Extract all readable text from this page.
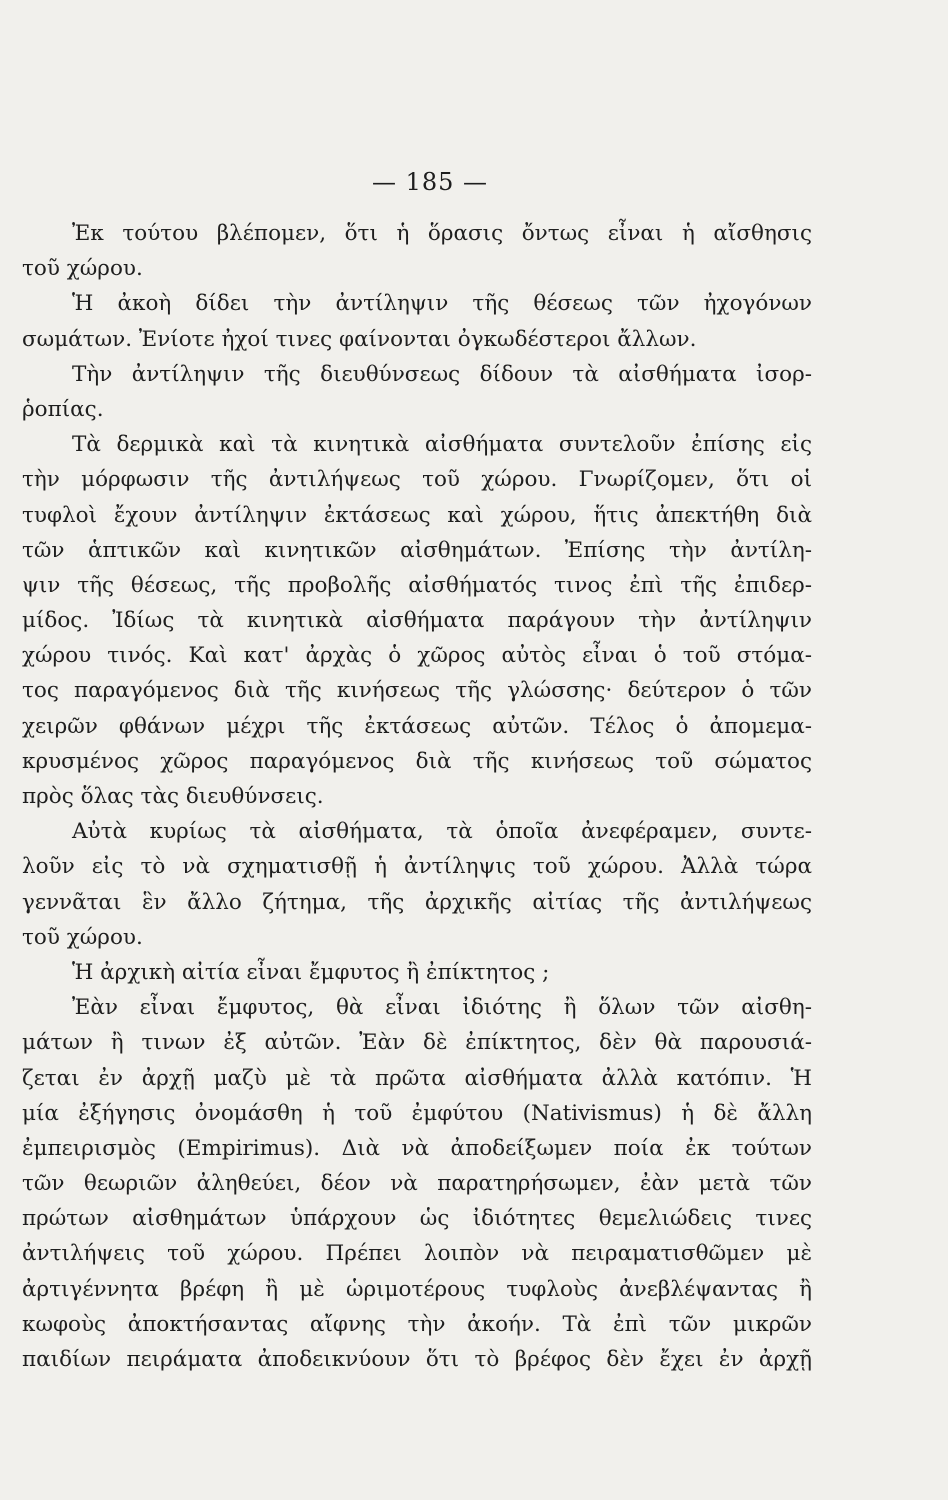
— 185 —
Ἐκ τούτου βλέπομεν, ὅτι ἡ ὅρασις ὄντως εἶναι ἡ αἴσθησις
τοῦ χώρου.
Ἡ ἀκοὴ δίδει τὴν ἀντίληψιν τῆς θέσεως τῶν ἠχογόνων
σωμάτων. Ἐνίοτε ἠχοί τινες φαίνονται ὀγκωδέστεροι ἄλλων.
Τὴν ἀντίληψιν τῆς διευθύνσεως δίδουν τὰ αἰσθήματα ἰσορ-
ῥοπίας.
Τὰ δερμικὰ καὶ τὰ κινητικὰ αἰσθήματα συντελοῦν ἐπίσης εἰς
τὴν μόρφωσιν τῆς ἀντιλήψεως τοῦ χώρου. Γνωρίζομεν, ὅτι οἱ
τυφλοὶ ἔχουν ἀντίληψιν ἐκτάσεως καὶ χώρου, ἥτις ἀπεκτήθη διὰ
τῶν ἁπτικῶν καὶ κινητικῶν αἰσθημάτων. Ἐπίσης τὴν ἀντίλη-
ψιν τῆς θέσεως, τῆς προβολῆς αἰσθήματός τινος ἐπὶ τῆς ἐπιδερ-
μίδος. Ἰδίως τὰ κινητικὰ αἰσθήματα παράγουν τὴν ἀντίληψιν
χώρου τινός. Καὶ κατ' ἀρχὰς ὁ χῶρος αὐτὸς εἶναι ὁ τοῦ στόμα-
τος παραγόμενος διὰ τῆς κινήσεως τῆς γλώσσης· δεύτερον ὁ τῶν
χειρῶν φθάνων μέχρι τῆς ἐκτάσεως αὐτῶν. Τέλος ὁ ἀπομεμα-
κρυσμένος χῶρος παραγόμενος διὰ τῆς κινήσεως τοῦ σώματος
πρὸς ὅλας τὰς διευθύνσεις.
Αὐτὰ κυρίως τὰ αἰσθήματα, τὰ ὁποῖα ἀνεφέραμεν, συντε-
λοῦν εἰς τὸ νὰ σχηματισθῇ ἡ ἀντίληψις τοῦ χώρου. Ἀλλὰ τώρα
γεννᾶται ἓν ἄλλο ζήτημα, τῆς ἀρχικῆς αἰτίας τῆς ἀντιλήψεως
τοῦ χώρου.
Ἡ ἀρχικὴ αἰτία εἶναι ἔμφυτος ἢ ἐπίκτητος ;
Ἐὰν εἶναι ἔμφυτος, θὰ εἶναι ἰδιότης ἢ ὅλων τῶν αἰσθη-
μάτων ἢ τινων ἐξ αὐτῶν. Ἐὰν δὲ ἐπίκτητος, δὲν θὰ παρουσιά-
ζεται ἐν ἀρχῇ μαζὺ μὲ τὰ πρῶτα αἰσθήματα ἀλλὰ κατόπιν. Ἡ
μία ἐξήγησις ὀνομάσθη ἡ τοῦ ἐμφύτου (Nativismus) ἡ δὲ ἄλλη
ἐμπειρισμὸς (Empirimus). Διὰ νὰ ἀποδείξωμεν ποία ἐκ τούτων
τῶν θεωριῶν ἀληθεύει, δέον νὰ παρατηρήσωμεν, ἐὰν μετὰ τῶν
πρώτων αἰσθημάτων ὑπάρχουν ὡς ἰδιότητες θεμελιώδεις τινες
ἀντιλήψεις τοῦ χώρου. Πρέπει λοιπὸν νὰ πειραματισθῶμεν μὲ
ἀρτιγέννητα βρέφη ἢ μὲ ὡριμοτέρους τυφλοὺς ἀνεβλέψαντας ἢ
κωφοὺς ἀποκτήσαντας αἴφνης τὴν ἀκοήν. Τὰ ἐπὶ τῶν μικρῶν
παιδίων πειράματα ἀποδεικνύουν ὅτι τὸ βρέφος δὲν ἔχει ἐν ἀρχῇ
